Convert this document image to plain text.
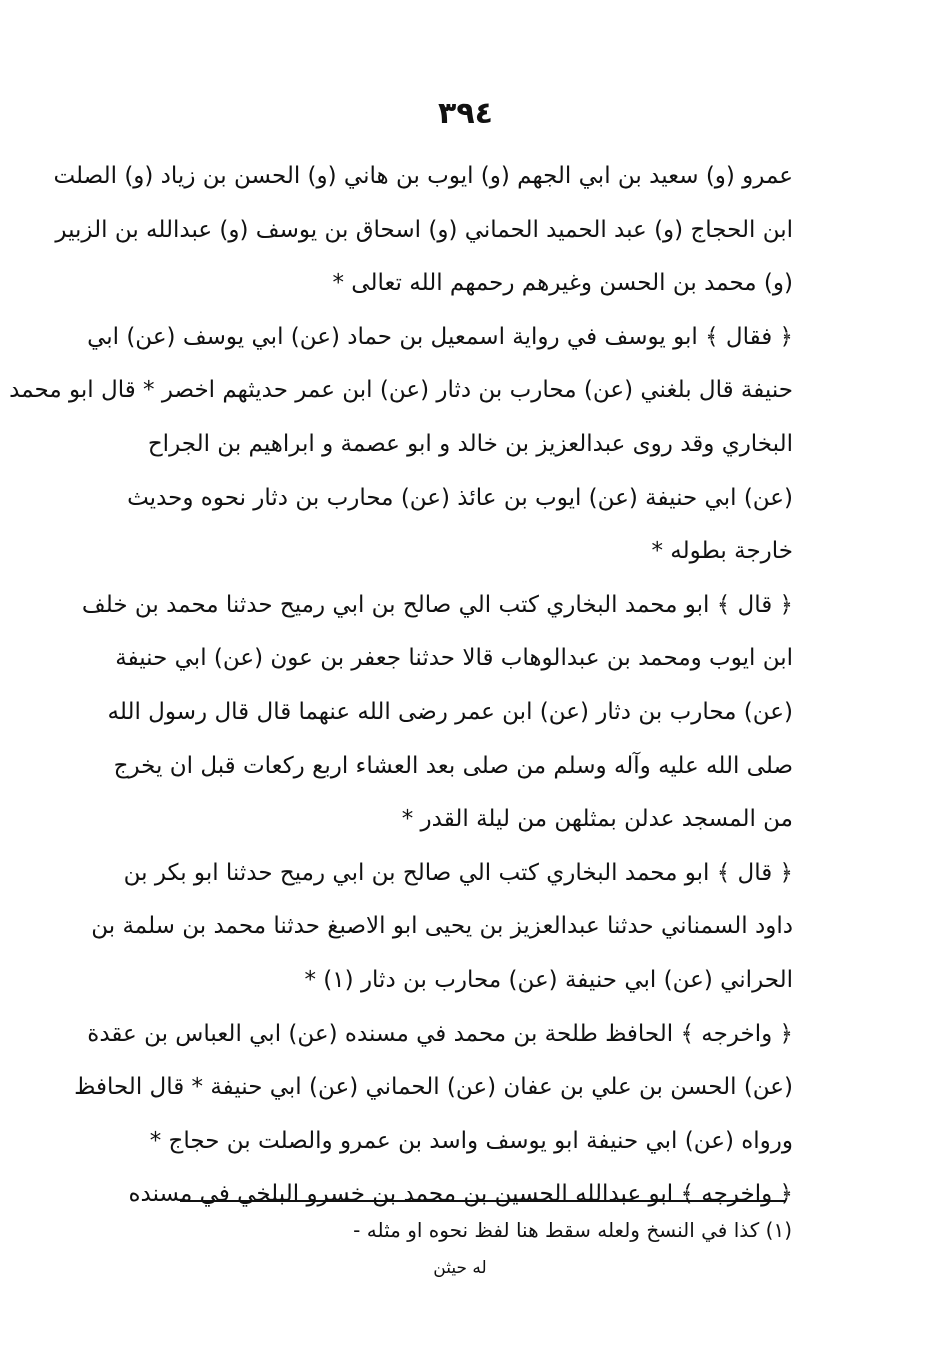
٣٩٤
عمرو (و) سعيد بن ابي الجهم (و) ايوب بن هاني (و) الحسن بن زياد (و) الصلت
ابن الحجاج (و) عبد الحميد الحماني (و) اسحاق بن يوسف (و) عبدالله بن الزبير
(و) محمد بن الحسن وغيرهم رحمهم الله تعالى *
﴿ فقال ﴾ ابو يوسف في رواية اسمعيل بن حماد (عن) ابي يوسف (عن) ابي
حنيفة قال بلغني (عن) محارب بن دثار (عن) ابن عمر حديثهم اخصر * قال ابو محمد
البخاري وقد روى عبدالعزيز بن خالد و ابو عصمة و ابراهيم بن الجراح
(عن) ابي حنيفة (عن) ايوب بن عائذ (عن) محارب بن دثار نحوه وحديث
خارجة بطوله *
﴿ قال ﴾ ابو محمد البخاري كتب الي صالح بن ابي رميح حدثنا محمد بن خلف
ابن ايوب ومحمد بن عبدالوهاب قالا حدثنا جعفر بن عون (عن) ابي حنيفة
(عن) محارب بن دثار (عن) ابن عمر رضى الله عنهما قال قال رسول الله
صلى الله عليه وآله وسلم من صلى بعد العشاء اربع ركعات قبل ان يخرج
من المسجد عدلن بمثلهن من ليلة القدر *
﴿ قال ﴾ ابو محمد البخاري كتب الي صالح بن ابي رميح حدثنا ابو بكر بن
داود السمناني حدثنا عبدالعزيز بن يحيى ابو الاصبغ حدثنا محمد بن سلمة بن
الحراني (عن) ابي حنيفة (عن) محارب بن دثار (١) *
﴿ واخرجه ﴾ الحافظ طلحة بن محمد في مسنده (عن) ابي العباس بن عقدة
(عن) الحسن بن علي بن عفان (عن) الحماني (عن) ابي حنيفة * قال الحافظ
ورواه (عن) ابي حنيفة ابو يوسف واسد بن عمرو والصلت بن حجاج *
﴿ واخرجه ﴾ ابو عبدالله الحسين بن محمد بن خسرو البلخي في مسنده
(١) كذا في النسخ ولعله سقط هنا لفظ نحوه او مثله -
له حيثن
